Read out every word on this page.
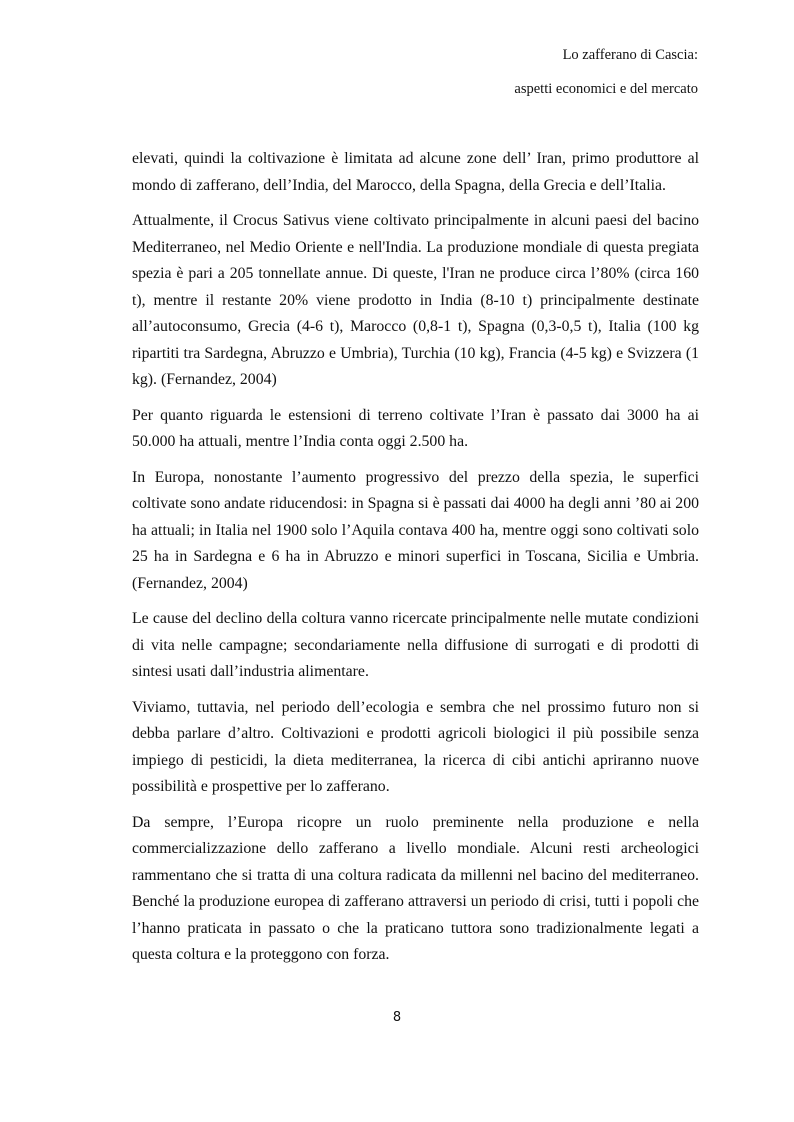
Lo zafferano di Cascia:
aspetti economici e del mercato

elevati, quindi la coltivazione è limitata ad alcune zone dell’ Iran, primo produttore al mondo di zafferano, dell’India, del Marocco, della Spagna, della Grecia e dell’Italia.

Attualmente, il Crocus Sativus viene coltivato principalmente in alcuni paesi del bacino Mediterraneo, nel Medio Oriente e nell'India. La produzione mondiale di questa pregiata spezia è pari a 205 tonnellate annue. Di queste, l'Iran ne produce circa l’80% (circa 160 t), mentre il restante 20% viene prodotto in India (8-10 t) principalmente destinate all’autoconsumo, Grecia (4-6 t), Marocco (0,8-1 t), Spagna (0,3-0,5 t), Italia (100 kg ripartiti tra Sardegna, Abruzzo e Umbria), Turchia (10 kg), Francia (4-5 kg) e Svizzera (1 kg). (Fernandez, 2004)

Per quanto riguarda le estensioni di terreno coltivate l’Iran è passato dai 3000 ha ai 50.000 ha attuali, mentre l’India conta oggi 2.500 ha.

In Europa, nonostante l’aumento progressivo del prezzo della spezia, le superfici coltivate sono andate riducendosi: in Spagna si è passati dai 4000 ha degli anni ’80 ai 200 ha attuali; in Italia nel 1900 solo l’Aquila contava 400 ha, mentre oggi sono coltivati solo 25 ha in Sardegna e 6 ha in Abruzzo e minori superfici in Toscana, Sicilia e Umbria. (Fernandez, 2004)

Le cause del declino della coltura vanno ricercate principalmente nelle mutate condizioni di vita nelle campagne; secondariamente nella diffusione di surrogati e di prodotti di sintesi usati dall’industria alimentare.

Viviamo, tuttavia, nel periodo dell’ecologia e sembra che nel prossimo futuro non si debba parlare d’altro. Coltivazioni e prodotti agricoli biologici il più possibile senza impiego di pesticidi, la dieta mediterranea, la ricerca di cibi antichi apriranno nuove possibilità e prospettive per lo zafferano.

Da sempre, l’Europa ricopre un ruolo preminente nella produzione e nella commercializzazione dello zafferano a livello mondiale. Alcuni resti archeologici rammentano che si tratta di una coltura radicata da millenni nel bacino del mediterraneo. Benché la produzione europea di zafferano attraversi un periodo di crisi, tutti i popoli che l’hanno praticata in passato o che la praticano tuttora sono tradizionalmente legati a questa coltura e la proteggono con forza.

8
